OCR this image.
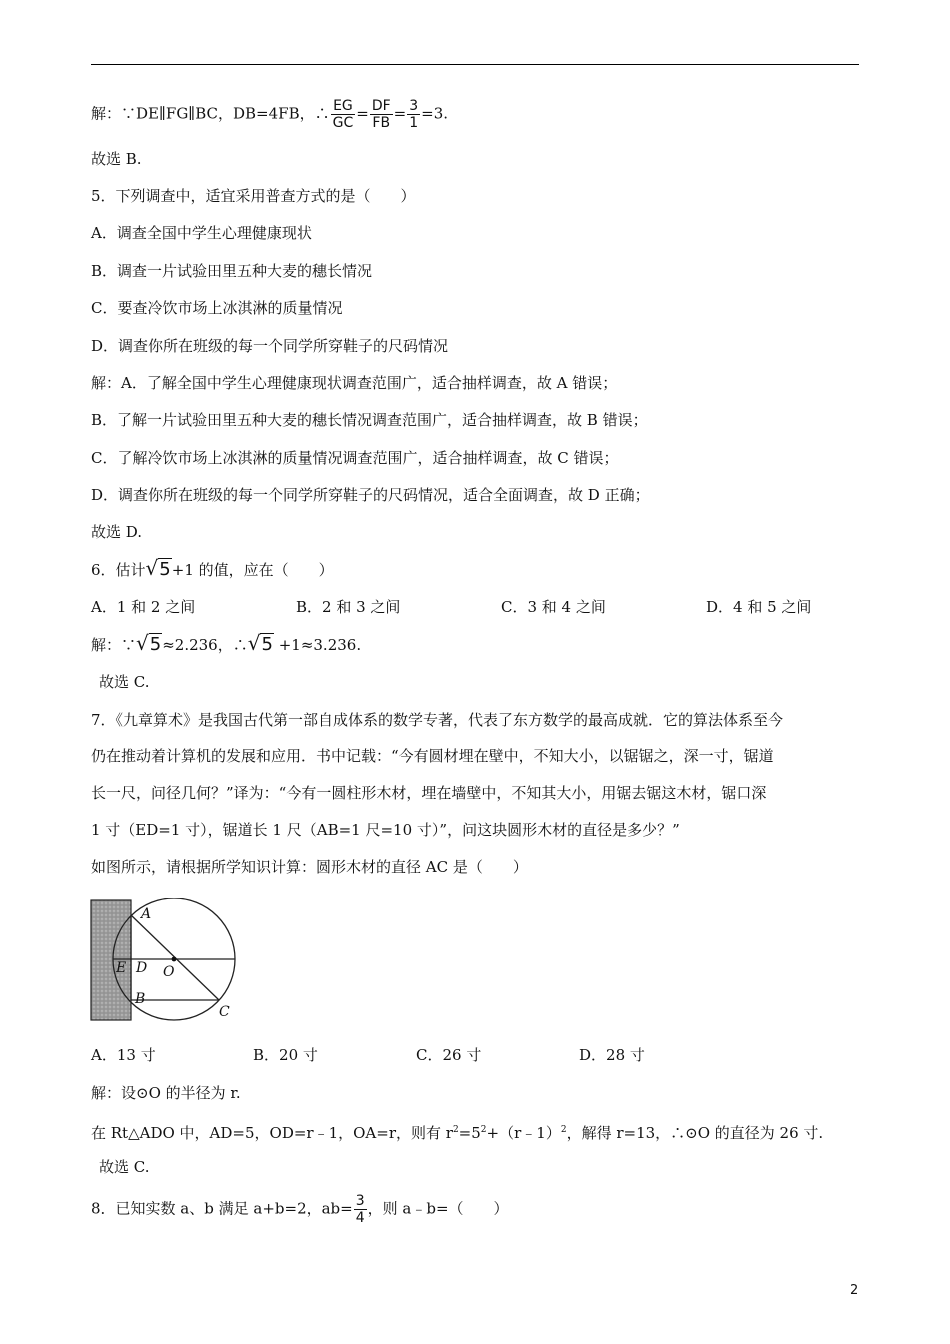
解：∵DE∥FG∥BC，DB=4FB，∴ $\frac{EG}{GC} = \frac{DF}{FB} = \frac{3}{1} =3$.
故选 B.
5．下列调查中，适宜采用普查方式的是（　　）
A．调查全国中学生心理健康现状
B．调查一片试验田里五种大麦的穗长情况
C．要查冷饮市场上冰淇淋的质量情况
D．调查你所在班级的每一个同学所穿鞋子的尺码情况
解：A．了解全国中学生心理健康现状调查范围广，适合抽样调查，故 A 错误；
B．了解一片试验田里五种大麦的穗长情况调查范围广，适合抽样调查，故 B 错误；
C．了解冷饮市场上冰淇淋的质量情况调查范围广，适合抽样调查，故 C 错误；
D．调查你所在班级的每一个同学所穿鞋子的尺码情况，适合全面调查，故 D 正确；
故选 D.
6．估计√5+1 的值，应在（　　）
A．1 和 2 之间	B．2 和 3 之间	C．3 和 4 之间	D．4 和 5 之间
解：∵√5≈2.236，∴√5 +1≈3.236.
故选 C.
7．《九章算术》是我国古代第一部自成体系的数学专著，代表了东方数学的最高成就．它的算法体系至今
仍在推动着计算机的发展和应用．书中记载：“今有圆材埋在壁中，不知大小，以锯锯之，深一寸，锯道
长一尺，问径几何？”译为：“今有一圆柱形木材，埋在墙壁中，不知其大小，用锯去锯这木材，锯口深
1 寸（ED=1 寸），锯道长 1 尺（AB=1 尺=10 寸）”，问这块圆形木材的直径是多少？”
如图所示，请根据所学知识计算：圆形木材的直径 AC 是（　　）
A
B
C
D
E	O
A．13 寸	B．20 寸	C．26 寸	D．28 寸
解：设⊙O 的半径为 r.
在 Rt△ADO 中，AD=5，OD=r﹣1，OA=r，则有 $r^2=5^2+(r﹣1)^2$，解得 r=13，∴⊙O 的直径为 26 寸.
故选 C.
8．已知实数 a、b 满足 a+b=2，$ab= \frac{3}{4}$ ，则 a﹣b=（　　）
2
